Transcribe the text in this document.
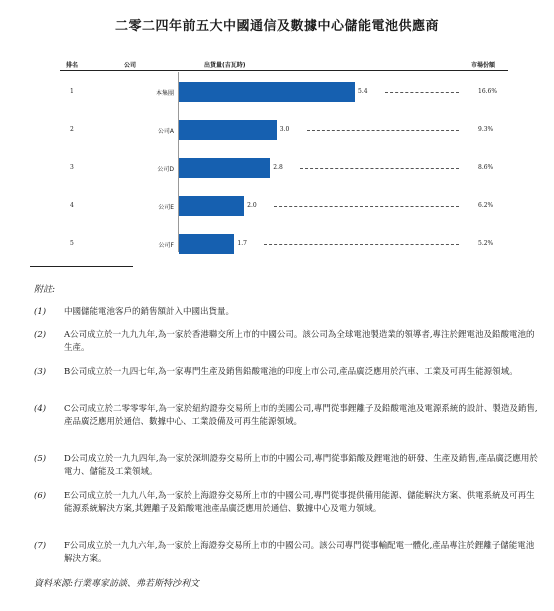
二零二四年前五大中國通信及數據中心儲能電池供應商
排名	公司	出貨量(吉瓦時)	市場份額
1	本集團	5.4	16.6%
2	公司A	3.0	9.3%
3	公司D	2.8	8.6%
4	公司E	2.0	6.2%
5	公司F	1.7	5.2%
附註:
(1) 中國儲能電池客戶的銷售額計入中國出貨量。
(2) A公司成立於一九九九年,為一家於香港聯交所上市的中國公司。該公司為全球電池製造業的領導者,專注於鋰電池及鉛酸電池的生產。
(3) B公司成立於一九四七年,為一家專門生產及銷售鉛酸電池的印度上市公司,產品廣泛應用於汽車、工業及可再生能源領域。
(4) C公司成立於二零零零年,為一家於紐約證券交易所上市的美國公司,專門從事鋰離子及鉛酸電池及電源系統的設計、製造及銷售,產品廣泛應用於通信、數據中心、工業設備及可再生能源領域。
(5) D公司成立於一九九四年,為一家於深圳證券交易所上市的中國公司,專門從事鉛酸及鋰電池的研發、生產及銷售,產品廣泛應用於電力、儲能及工業領域。
(6) E公司成立於一九九八年,為一家於上海證券交易所上市的中國公司,專門從事提供備用能源、儲能解決方案、供電系統及可再生能源系統解決方案,其鋰離子及鉛酸電池產品廣泛應用於通信、數據中心及電力領域。
(7) F公司成立於一九九六年,為一家於上海證券交易所上市的中國公司。該公司專門從事輸配電一體化,產品專注於鋰離子儲能電池解決方案。
資料來源:行業專家訪談、弗若斯特沙利文
